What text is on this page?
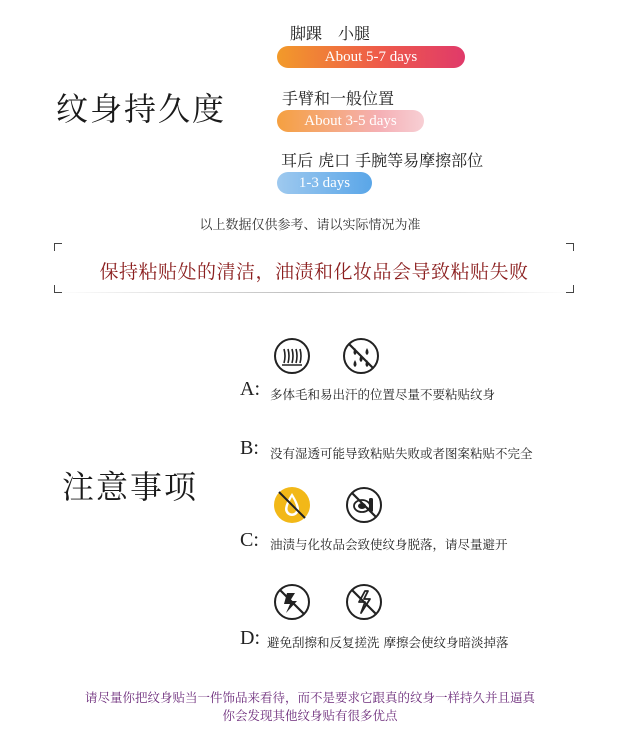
纹身持久度
脚踝　小腿
About 5-7 days
手臂和一般位置
About 3-5 days
耳后 虎口 手腕等易摩擦部位
1-3 days
以上数据仅供参考、请以实际情况为准
保持粘贴处的清洁，油渍和化妆品会导致粘贴失败
注意事项
A: 多体毛和易出汗的位置尽量不要粘贴纹身
B: 没有湿透可能导致粘贴失败或者图案粘贴不完全
C: 油渍与化妆品会致使纹身脱落，请尽量避开
D: 避免刮擦和反复搓洗 摩擦会使纹身暗淡掉落
请尽量你把纹身贴当一件饰品来看待，而不是要求它跟真的纹身一样持久并且逼真
你会发现其他纹身贴有很多优点
